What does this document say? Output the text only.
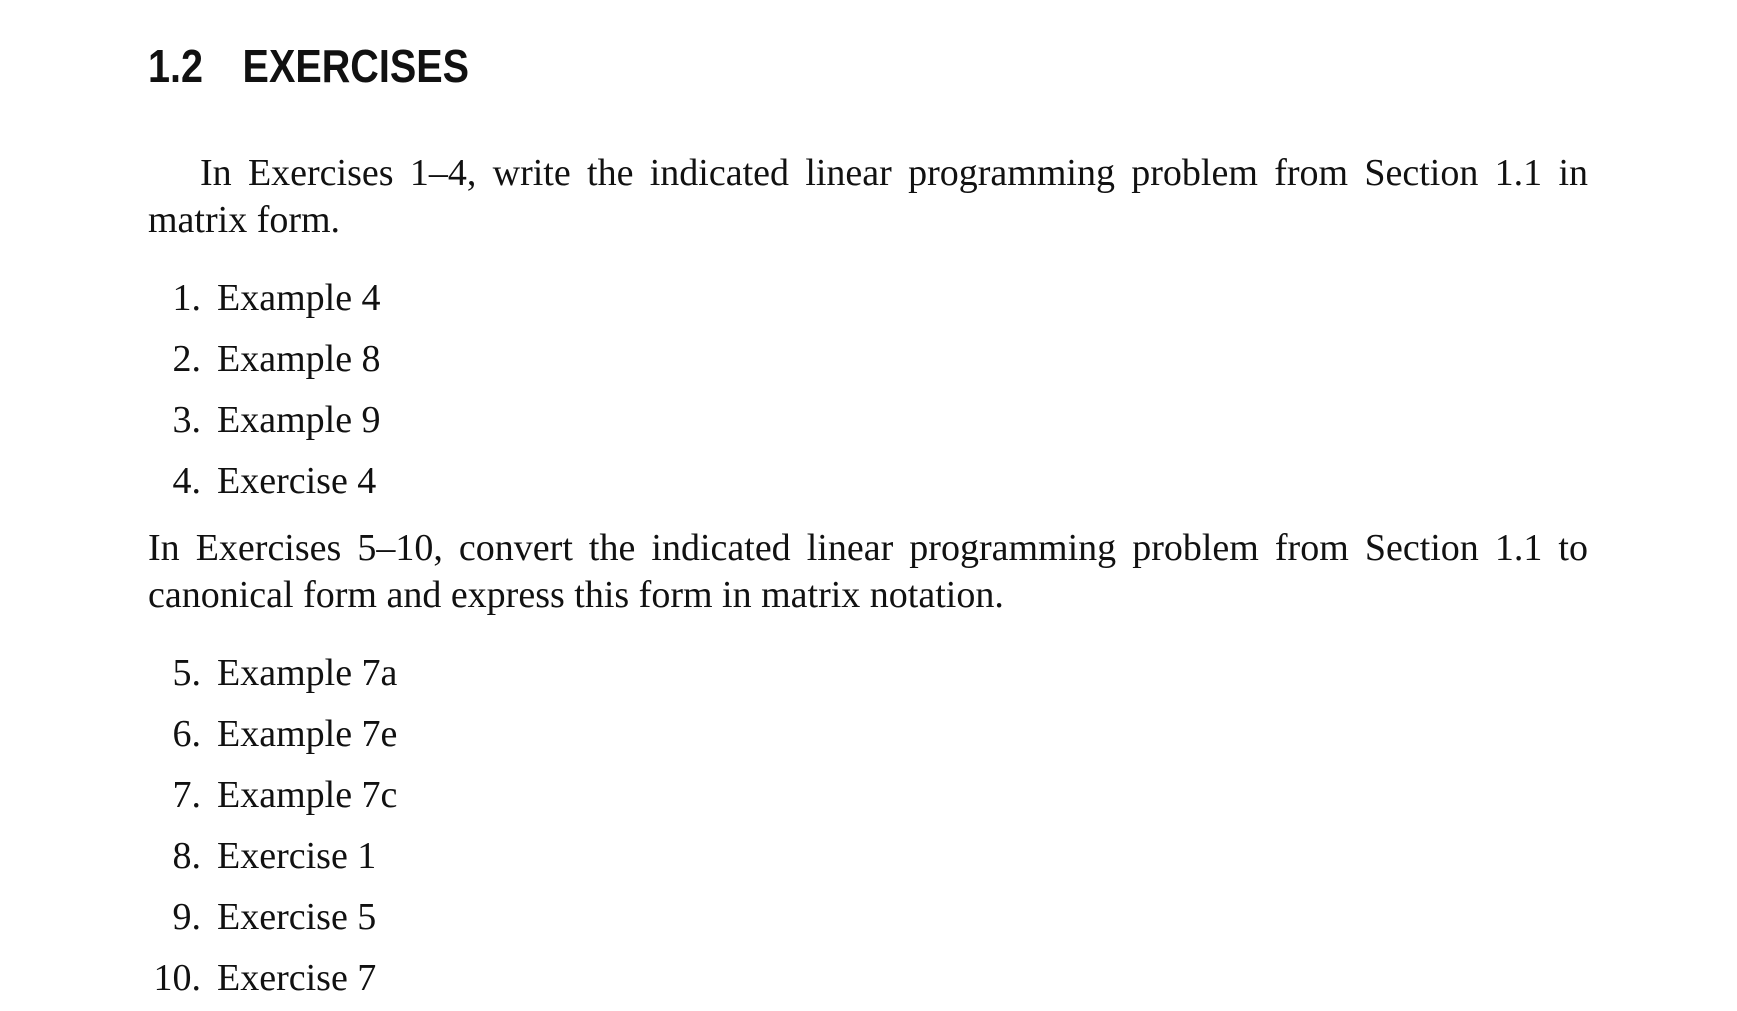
1.2 EXERCISES

In Exercises 1–4, write the indicated linear programming problem from Section 1.1 in matrix form.

1. Example 4
2. Example 8
3. Example 9
4. Exercise 4

In Exercises 5–10, convert the indicated linear programming problem from Section 1.1 to canonical form and express this form in matrix notation.

5. Example 7a
6. Example 7e
7. Example 7c
8. Exercise 1
9. Exercise 5
10. Exercise 7
